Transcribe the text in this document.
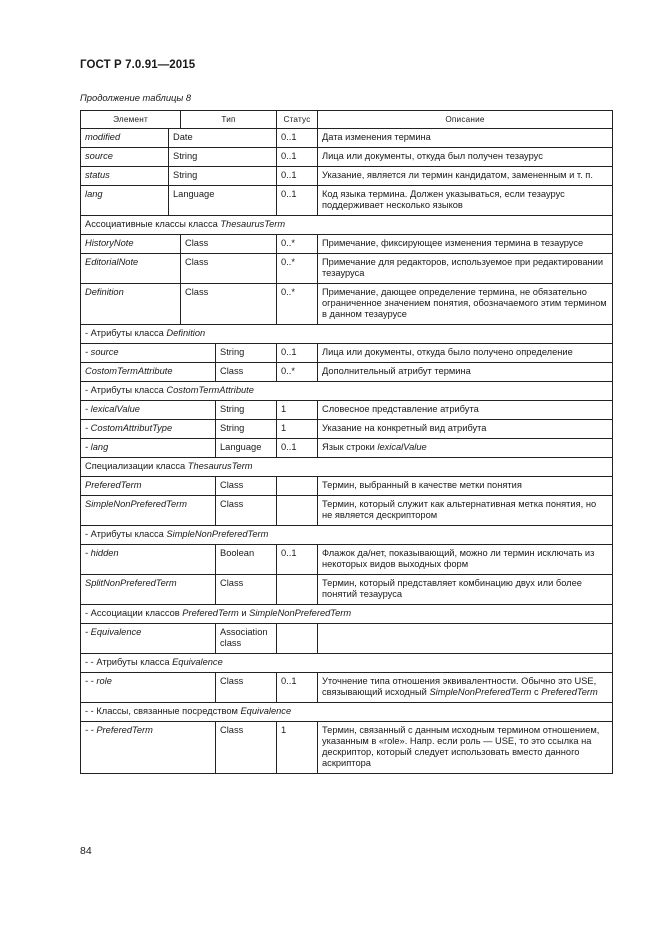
ГОСТ Р 7.0.91—2015
Продолжение таблицы 8
Элемент		Тип		Статус	Описание
modified	Date			0..1	Дата изменения термина
source	String			0..1	Лица или документы, откуда был получен тезаурус
status	String			0..1	Указание, является ли термин кандидатом, замененным и т. п.
lang	Language			0..1	Код языка термина. Должен указываться, если тезаурус поддерживает несколько языков
Ассоциативные классы класса ThesaurusTerm					
HistoryNote		Class		0..*	Примечание, фиксирующее изменения термина в тезаурусе
EditorialNote		Class		0..*	Примечание для редакторов, используемое при редактировании тезауруса
Definition		Class		0..*	Примечание, дающее определение термина, не обязательно ограниченное значением понятия, обозначаемого этим термином в данном тезаурусе
- Атрибуты класса Definition					
- source			String	0..1	Лица или документы, откуда было получено определение
CostomTermAttribute			Class	0..*	Дополнительный атрибут термина
- Атрибуты класса CostomTermAttribute					
- lexicalValue			String	1	Словесное представление атрибута
- CostomAttributType			String	1	Указание на конкретный вид атрибута
- lang			Language	0..1	Язык строки lexicalValue
Специализации класса ThesaurusTerm					
PreferedTerm			Class		Термин, выбранный в качестве метки понятия
SimpleNonPreferedTerm			Class		Термин, который служит как альтернативная метка понятия, но не является дескриптором
- Атрибуты класса SimpleNonPreferedTerm					
- hidden			Boolean	0..1	Флажок да/нет, показывающий, можно ли термин исключать из некоторых видов выходных форм
SplitNonPreferedTerm			Class		Термин, который представляет комбинацию двух или более понятий тезауруса
- Ассоциации классов PreferedTerm и SimpleNonPreferedTerm					
- Equivalence			Association class		
- - Атрибуты класса Equivalence					
- - role			Class	0..1	Уточнение типа отношения эквивалентности. Обычно это USE, связывающий исходный SimpleNonPreferedTerm с PreferedTerm
- - Классы, связанные посредством Equivalence					
- - PreferedTerm			Class	1	Термин, связанный с данным исходным термином отношением, указанным в «role». Напр. если роль — USE, то это ссылка на дескриптор, который следует использовать вместо данного аскриптора
84
